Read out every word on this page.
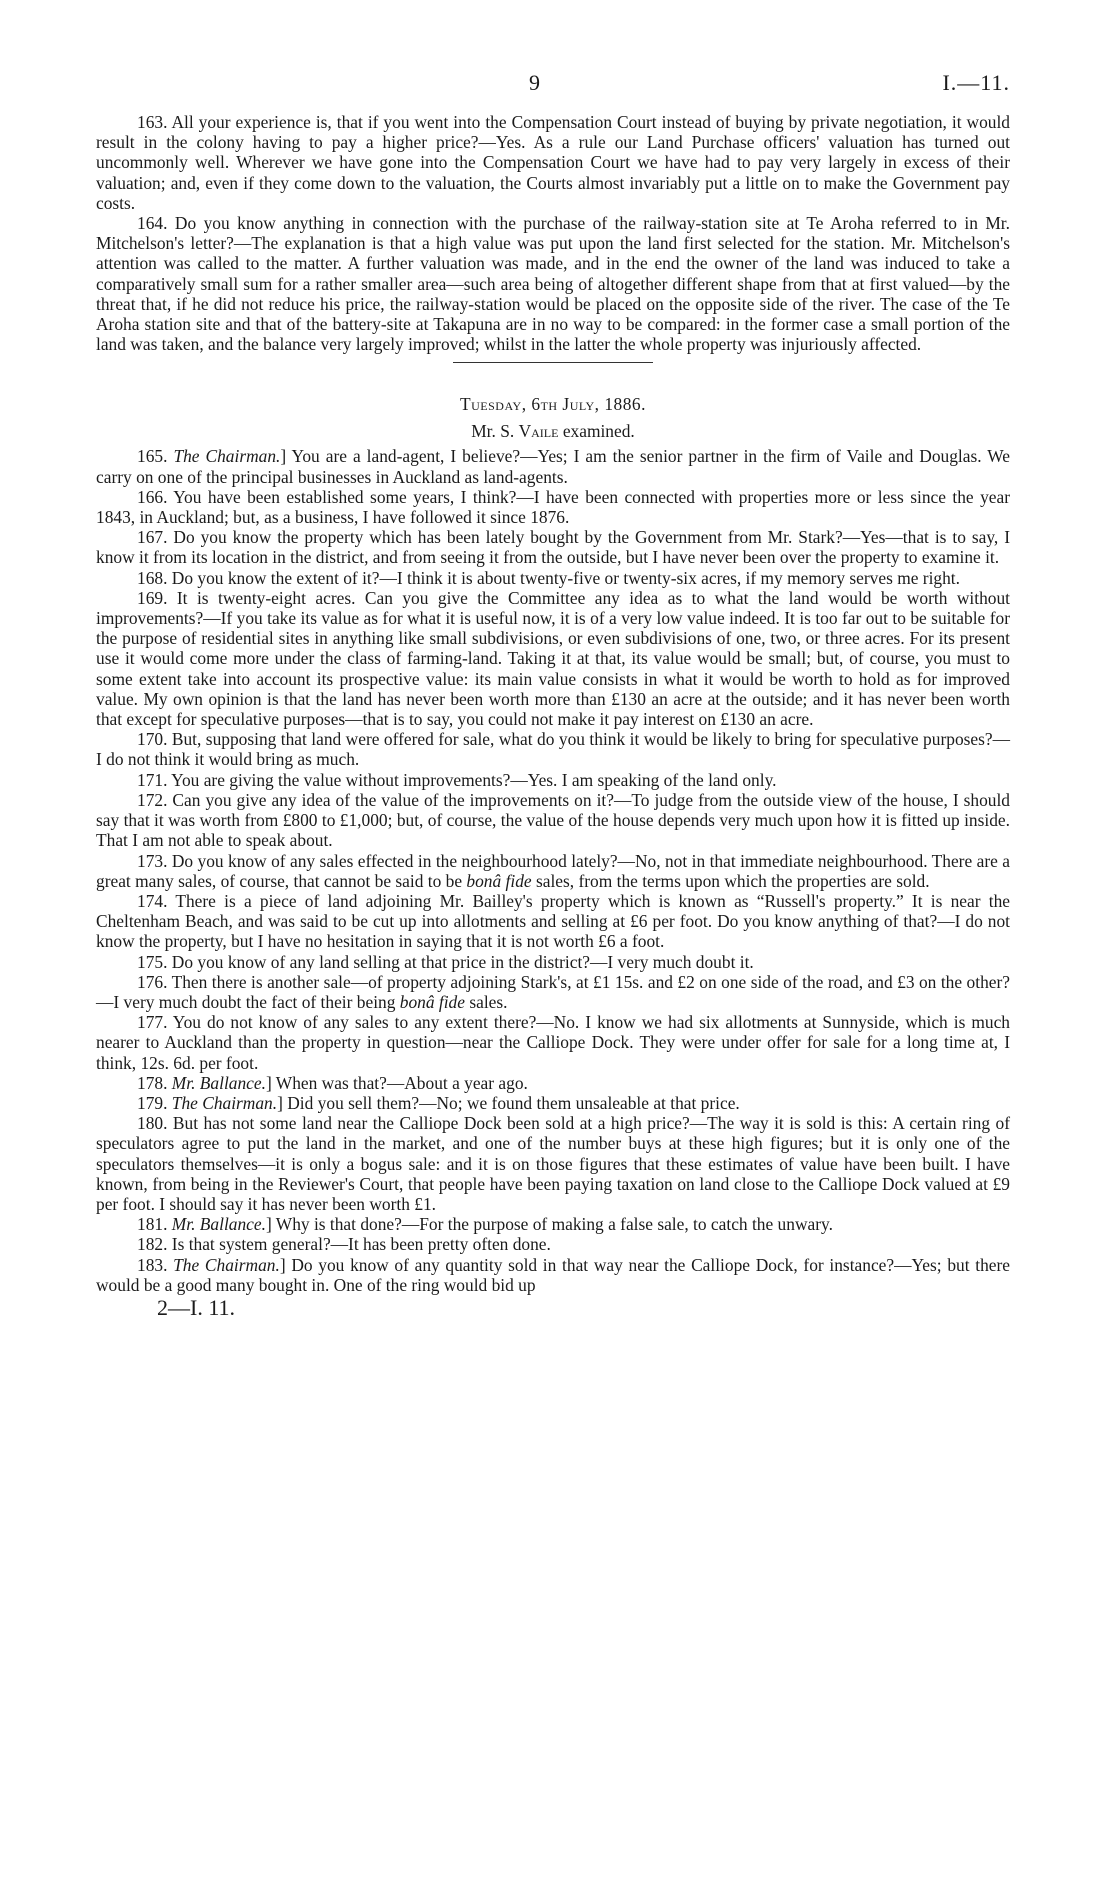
9	I.—11.

163. All your experience is, that if you went into the Compensation Court instead of buying by private negotiation, it would result in the colony having to pay a higher price?—Yes. As a rule our Land Purchase officers' valuation has turned out uncommonly well. Wherever we have gone into the Compensation Court we have had to pay very largely in excess of their valuation; and, even if they come down to the valuation, the Courts almost invariably put a little on to make the Government pay costs.

164. Do you know anything in connection with the purchase of the railway-station site at Te Aroha referred to in Mr. Mitchelson's letter?—The explanation is that a high value was put upon the land first selected for the station. Mr. Mitchelson's attention was called to the matter. A further valuation was made, and in the end the owner of the land was induced to take a comparatively small sum for a rather smaller area—such area being of altogether different shape from that at first valued—by the threat that, if he did not reduce his price, the railway-station would be placed on the opposite side of the river. The case of the Te Aroha station site and that of the battery-site at Takapuna are in no way to be compared: in the former case a small portion of the land was taken, and the balance very largely improved; whilst in the latter the whole property was injuriously affected.

Tuesday, 6th July, 1886.

Mr. S. Vaile examined.

165. The Chairman.] You are a land-agent, I believe?—Yes; I am the senior partner in the firm of Vaile and Douglas. We carry on one of the principal businesses in Auckland as land-agents.

166. You have been established some years, I think?—I have been connected with properties more or less since the year 1843, in Auckland; but, as a business, I have followed it since 1876.

167. Do you know the property which has been lately bought by the Government from Mr. Stark?—Yes—that is to say, I know it from its location in the district, and from seeing it from the outside, but I have never been over the property to examine it.

168. Do you know the extent of it?—I think it is about twenty-five or twenty-six acres, if my memory serves me right.

169. It is twenty-eight acres. Can you give the Committee any idea as to what the land would be worth without improvements?—If you take its value as for what it is useful now, it is of a very low value indeed. It is too far out to be suitable for the purpose of residential sites in anything like small subdivisions, or even subdivisions of one, two, or three acres. For its present use it would come more under the class of farming-land. Taking it at that, its value would be small; but, of course, you must to some extent take into account its prospective value: its main value consists in what it would be worth to hold as for improved value. My own opinion is that the land has never been worth more than £130 an acre at the outside; and it has never been worth that except for speculative purposes—that is to say, you could not make it pay interest on £130 an acre.

170. But, supposing that land were offered for sale, what do you think it would be likely to bring for speculative purposes?—I do not think it would bring as much.

171. You are giving the value without improvements?—Yes. I am speaking of the land only.

172. Can you give any idea of the value of the improvements on it?—To judge from the outside view of the house, I should say that it was worth from £800 to £1,000; but, of course, the value of the house depends very much upon how it is fitted up inside. That I am not able to speak about.

173. Do you know of any sales effected in the neighbourhood lately?—No, not in that immediate neighbourhood. There are a great many sales, of course, that cannot be said to be bonâ fide sales, from the terms upon which the properties are sold.

174. There is a piece of land adjoining Mr. Bailley's property which is known as “Russell's property.” It is near the Cheltenham Beach, and was said to be cut up into allotments and selling at £6 per foot. Do you know anything of that?—I do not know the property, but I have no hesitation in saying that it is not worth £6 a foot.

175. Do you know of any land selling at that price in the district?—I very much doubt it.

176. Then there is another sale—of property adjoining Stark's, at £1 15s. and £2 on one side of the road, and £3 on the other?—I very much doubt the fact of their being bonâ fide sales.

177. You do not know of any sales to any extent there?—No. I know we had six allotments at Sunnyside, which is much nearer to Auckland than the property in question—near the Calliope Dock. They were under offer for sale for a long time at, I think, 12s. 6d. per foot.

178. Mr. Ballance.] When was that?—About a year ago.

179. The Chairman.] Did you sell them?—No; we found them unsaleable at that price.

180. But has not some land near the Calliope Dock been sold at a high price?—The way it is sold is this: A certain ring of speculators agree to put the land in the market, and one of the number buys at these high figures; but it is only one of the speculators themselves—it is only a bogus sale: and it is on those figures that these estimates of value have been built. I have known, from being in the Reviewer's Court, that people have been paying taxation on land close to the Calliope Dock valued at £9 per foot. I should say it has never been worth £1.

181. Mr. Ballance.] Why is that done?—For the purpose of making a false sale, to catch the unwary.

182. Is that system general?—It has been pretty often done.

183. The Chairman.] Do you know of any quantity sold in that way near the Calliope Dock, for instance?—Yes; but there would be a good many bought in. One of the ring would bid up

2—I. 11.
